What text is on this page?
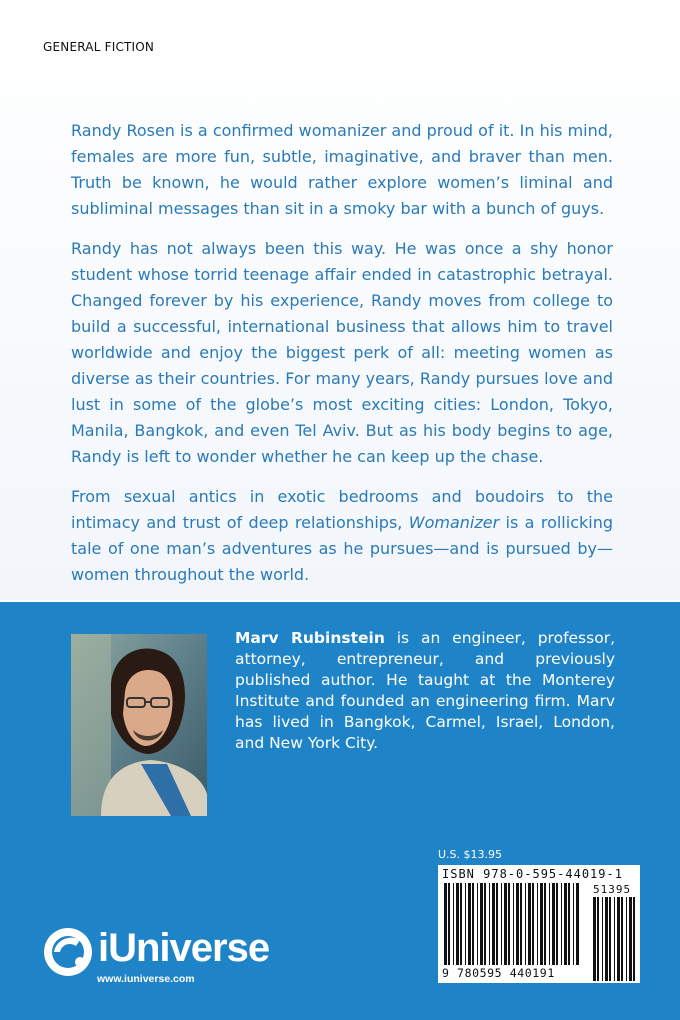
GENERAL FICTION

Randy Rosen is a confirmed womanizer and proud of it. In his mind, females are more fun, subtle, imaginative, and braver than men. Truth be known, he would rather explore women’s liminal and subliminal messages than sit in a smoky bar with a bunch of guys.

Randy has not always been this way. He was once a shy honor student whose torrid teenage affair ended in catastrophic betrayal. Changed forever by his experience, Randy moves from college to build a successful, international business that allows him to travel worldwide and enjoy the biggest perk of all: meeting women as diverse as their countries. For many years, Randy pursues love and lust in some of the globe’s most exciting cities: London, Tokyo, Manila, Bangkok, and even Tel Aviv. But as his body begins to age, Randy is left to wonder whether he can keep up the chase.

From sexual antics in exotic bedrooms and boudoirs to the intimacy and trust of deep relationships, Womanizer is a rollicking tale of one man’s adventures as he pursues—and is pursued by—women throughout the world.

Marv Rubinstein is an engineer, professor, attorney, entrepreneur, and previously published author. He taught at the Monterey Institute and founded an engineering firm. Marv has lived in Bangkok, Carmel, Israel, London, and New York City.
U.S. $13.95
ISBN 978-0-595-44019-1
51395
9 780595 440191
iUniverse
www.iuniverse.com
